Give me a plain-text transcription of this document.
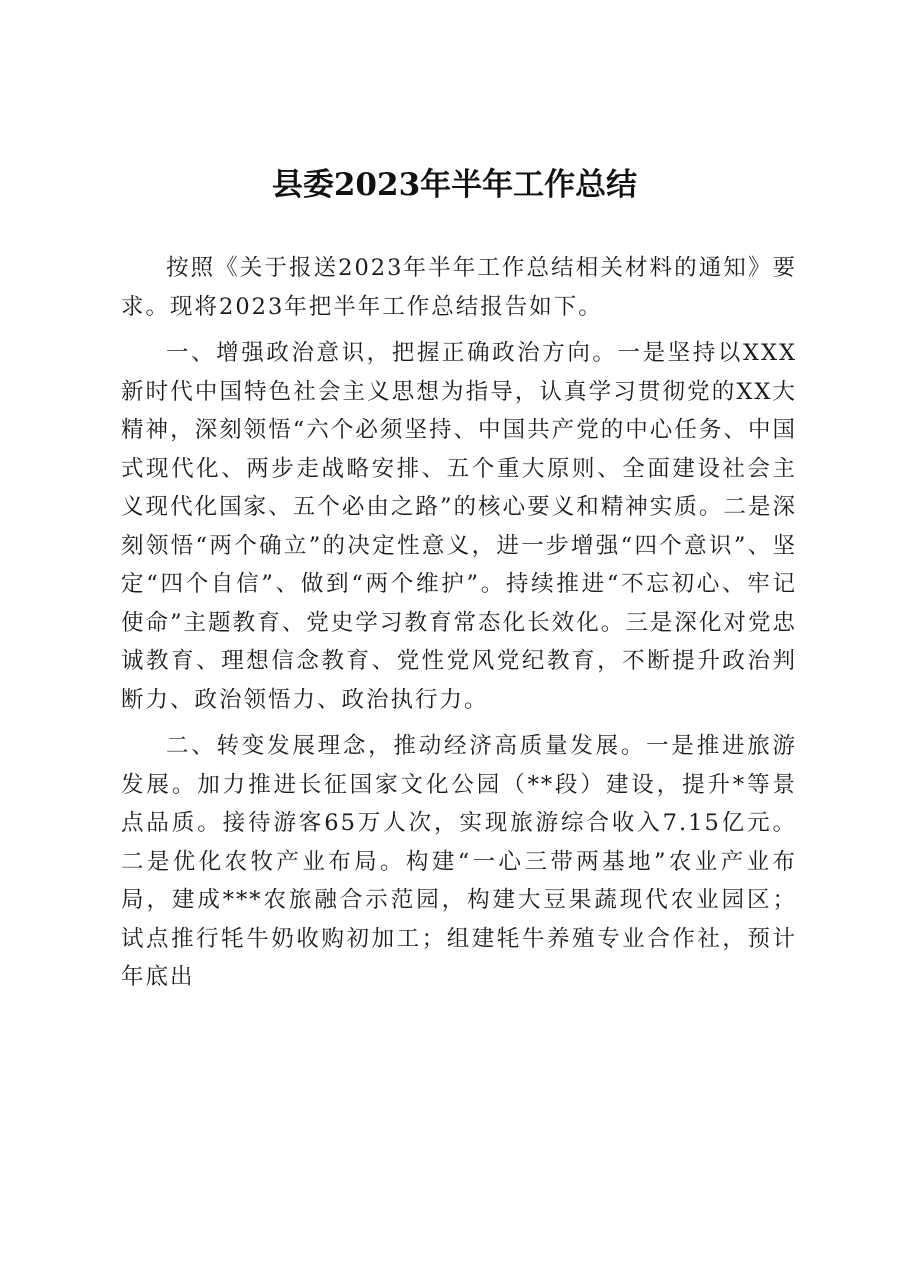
县委2023年半年工作总结

按照《关于报送2023年半年工作总结相关材料的通知》要求。现将2023年把半年工作总结报告如下。

一、增强政治意识，把握正确政治方向。一是坚持以XXX新时代中国特色社会主义思想为指导，认真学习贯彻党的XX大精神，深刻领悟“六个必须坚持、中国共产党的中心任务、中国式现代化、两步走战略安排、五个重大原则、全面建设社会主义现代化国家、五个必由之路”的核心要义和精神实质。二是深刻领悟“两个确立”的决定性意义，进一步增强“四个意识”、坚定“四个自信”、做到“两个维护”。持续推进“不忘初心、牢记使命”主题教育、党史学习教育常态化长效化。三是深化对党忠诚教育、理想信念教育、党性党风党纪教育，不断提升政治判断力、政治领悟力、政治执行力。

二、转变发展理念，推动经济高质量发展。一是推进旅游发展。加力推进长征国家文化公园（**段）建设，提升*等景点品质。接待游客65万人次，实现旅游综合收入7.15亿元。二是优化农牧产业布局。构建“一心三带两基地”农业产业布局，建成***农旅融合示范园，构建大豆果蔬现代农业园区；试点推行牦牛奶收购初加工；组建牦牛养殖专业合作社，预计年底出
